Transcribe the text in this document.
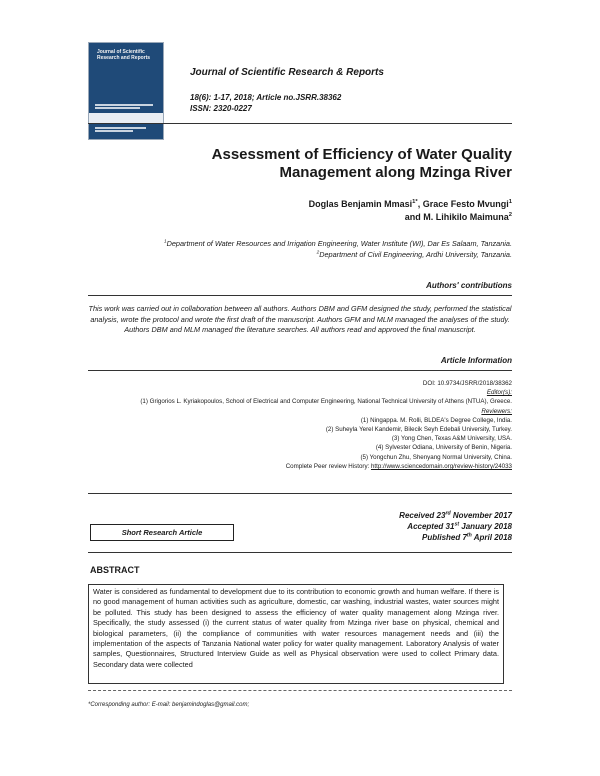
Journal of Scientific Research and Reports
Journal of Scientific Research & Reports
18(6): 1-17, 2018; Article no.JSRR.38362
ISSN: 2320-0227
Assessment of Efficiency of Water Quality
Management along Mzinga River
Doglas Benjamin Mmasi$^{1*}$, Grace Festo Mvungi$^1$
and M. Lihikilo Maimuna$^2$
$^1$Department of Water Resources and Irrigation Engineering, Water Institute (WI), Dar Es Salaam, Tanzania.
$^2$Department of Civil Engineering, Ardhi University, Tanzania.
Authors' contributions
This work was carried out in collaboration between all authors. Authors DBM and GFM designed the study, performed the statistical analysis, wrote the protocol and wrote the first draft of the manuscript. Authors GFM and MLM managed the analyses of the study. Authors DBM and MLM managed the literature searches. All authors read and approved the final manuscript.
Article Information
DOI: 10.9734/JSRR/2018/38362
Editor(s):
(1) Grigorios L. Kyriakopoulos, School of Electrical and Computer Engineering, National Technical University of Athens (NTUA), Greece.
Reviewers:
(1) Ningappa. M. Rolli, BLDEA's Degree College, India.
(2) Suheyla Yerel Kandemir, Bilecik Seyh Edebali University, Turkey.
(3) Yong Chen, Texas A&M University, USA.
(4) Sylvester Odiana, University of Benin, Nigeria.
(5) Yongchun Zhu, Shenyang Normal University, China.
Complete Peer review History: http://www.sciencedomain.org/review-history/24033
Short Research Article
Received 23rd November 2017
Accepted 31st January 2018
Published 7th April 2018
ABSTRACT
Water is considered as fundamental to development due to its contribution to economic growth and human welfare. If there is no good management of human activities such as agriculture, domestic, car washing, industrial wastes, water sources might be polluted. This study has been designed to assess the efficiency of water quality management along Mzinga river. Specifically, the study assessed (i) the current status of water quality from Mzinga river base on physical, chemical and biological parameters, (ii) the compliance of communities with water resources management needs and (iii) the implementation of the aspects of Tanzania National water policy for water quality management. Laboratory Analysis of water samples, Questionnaires, Structured Interview Guide as well as Physical observation were used to collect Primary data. Secondary data were collected
*Corresponding author: E-mail: benjamindoglas@gmail.com;
